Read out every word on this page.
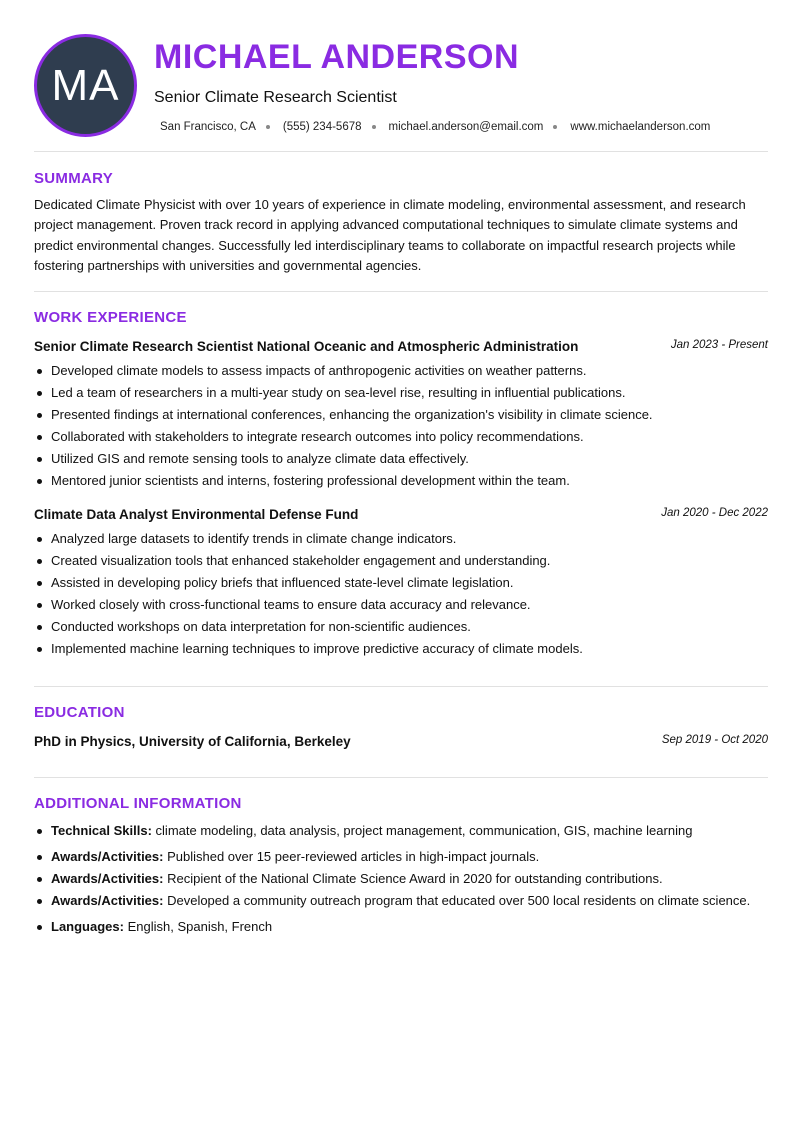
MA
MICHAEL ANDERSON
Senior Climate Research Scientist
San Francisco, CA (555) 234-5678 michael.anderson@email.com www.michaelanderson.com
SUMMARY
Dedicated Climate Physicist with over 10 years of experience in climate modeling, environmental assessment, and research project management. Proven track record in applying advanced computational techniques to simulate climate systems and predict environmental changes. Successfully led interdisciplinary teams to collaborate on impactful research projects while fostering partnerships with universities and governmental agencies.
WORK EXPERIENCE
Senior Climate Research Scientist National Oceanic and Atmospheric Administration	Jan 2023 - Present
Developed climate models to assess impacts of anthropogenic activities on weather patterns.
Led a team of researchers in a multi-year study on sea-level rise, resulting in influential publications.
Presented findings at international conferences, enhancing the organization's visibility in climate science.
Collaborated with stakeholders to integrate research outcomes into policy recommendations.
Utilized GIS and remote sensing tools to analyze climate data effectively.
Mentored junior scientists and interns, fostering professional development within the team.
Climate Data Analyst Environmental Defense Fund	Jan 2020 - Dec 2022
Analyzed large datasets to identify trends in climate change indicators.
Created visualization tools that enhanced stakeholder engagement and understanding.
Assisted in developing policy briefs that influenced state-level climate legislation.
Worked closely with cross-functional teams to ensure data accuracy and relevance.
Conducted workshops on data interpretation for non-scientific audiences.
Implemented machine learning techniques to improve predictive accuracy of climate models.
EDUCATION
PhD in Physics, University of California, Berkeley	Sep 2019 - Oct 2020
ADDITIONAL INFORMATION
Technical Skills: climate modeling, data analysis, project management, communication, GIS, machine learning
Awards/Activities: Published over 15 peer-reviewed articles in high-impact journals.
Awards/Activities: Recipient of the National Climate Science Award in 2020 for outstanding contributions.
Awards/Activities: Developed a community outreach program that educated over 500 local residents on climate science.
Languages: English, Spanish, French
